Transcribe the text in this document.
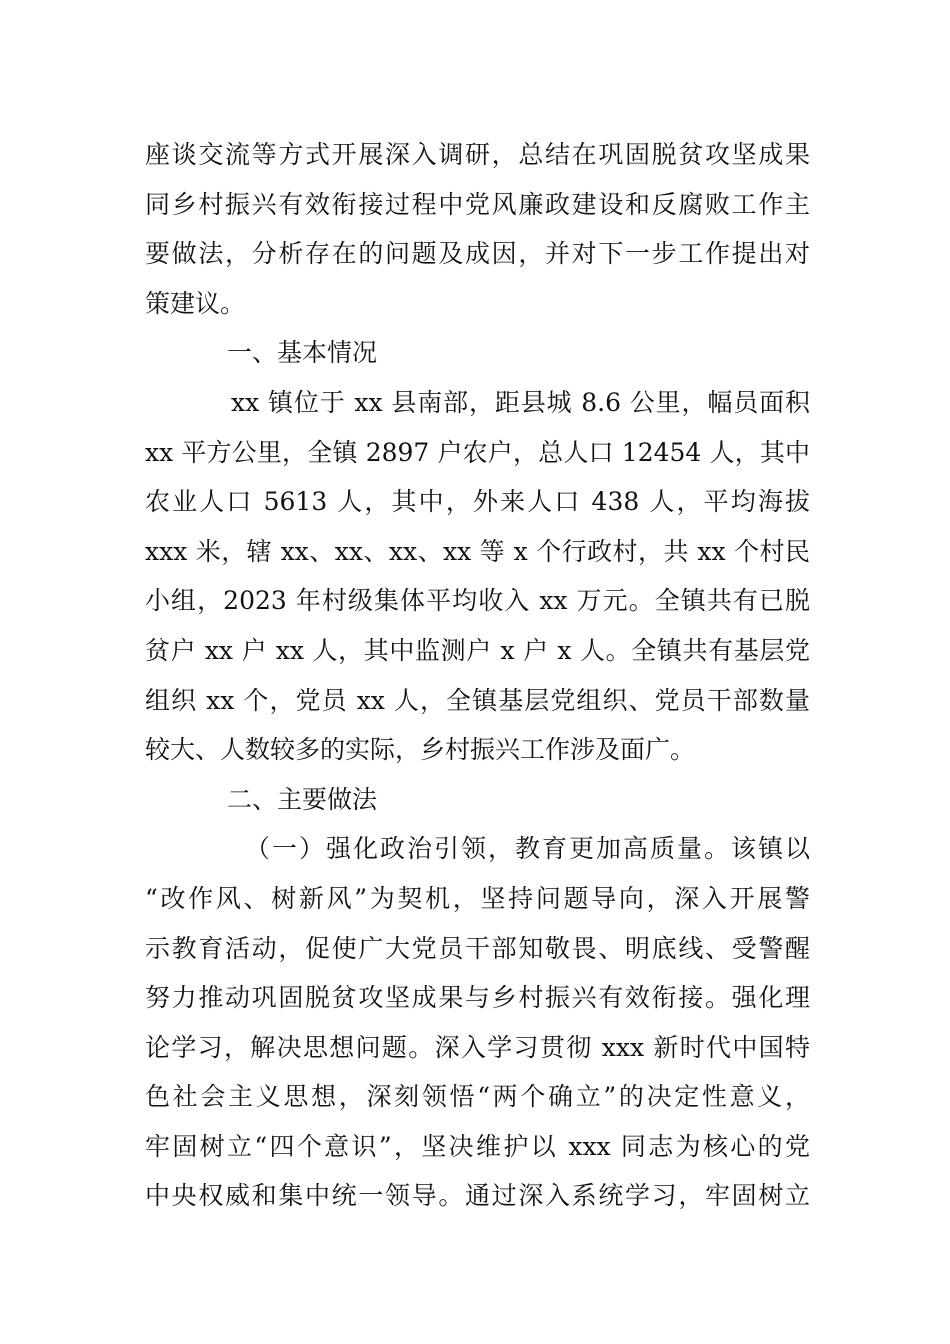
座谈交流等方式开展深入调研，总结在巩固脱贫攻坚成果
同乡村振兴有效衔接过程中党风廉政建设和反腐败工作主
要做法，分析存在的问题及成因，并对下一步工作提出对
策建议。
一、基本情况
xx 镇位于 xx 县南部，距县城 8.6 公里，幅员面积
xx 平方公里，全镇 2897 户农户，总人口 12454 人，其中
农业人口 5613 人，其中，外来人口 438 人，平均海拔
xxx 米，辖 xx、xx、xx、xx 等 x 个行政村，共 xx 个村民
小组，2023 年村级集体平均收入 xx 万元。全镇共有已脱
贫户 xx 户 xx 人，其中监测户 x 户 x 人。全镇共有基层党
组织 xx 个，党员 xx 人，全镇基层党组织、党员干部数量
较大、人数较多的实际，乡村振兴工作涉及面广。
二、主要做法
（一）强化政治引领，教育更加高质量。该镇以
“改作风、树新风”为契机，坚持问题导向，深入开展警
示教育活动，促使广大党员干部知敬畏、明底线、受警醒
努力推动巩固脱贫攻坚成果与乡村振兴有效衔接。强化理
论学习，解决思想问题。深入学习贯彻 xxx 新时代中国特
色社会主义思想，深刻领悟“两个确立”的决定性意义，
牢固树立“四个意识”，坚决维护以 xxx 同志为核心的党
中央权威和集中统一领导。通过深入系统学习，牢固树立
